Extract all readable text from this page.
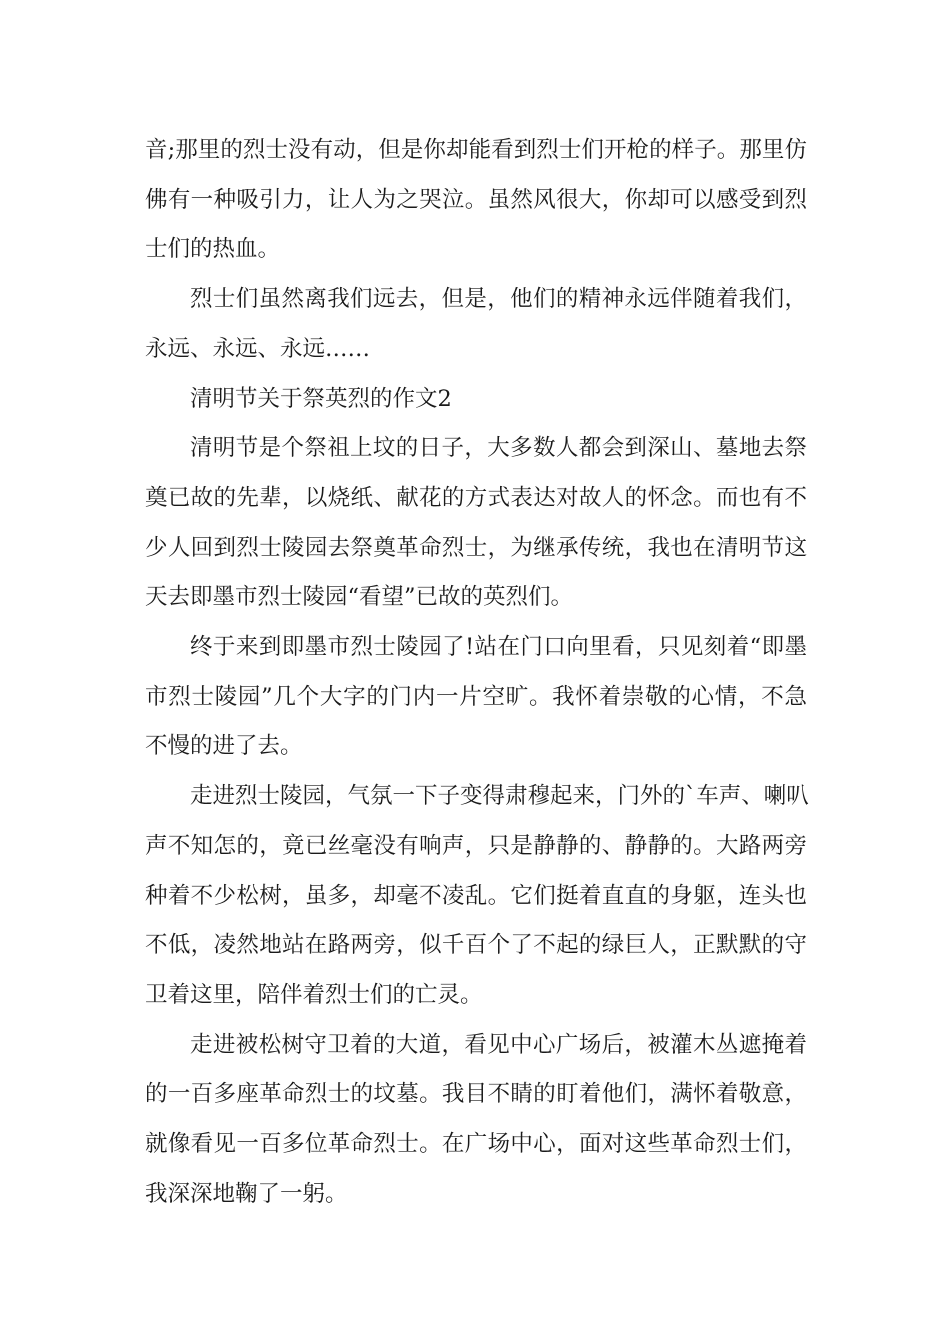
音;那里的烈士没有动，但是你却能看到烈士们开枪的样子。那里仿
佛有一种吸引力，让人为之哭泣。虽然风很大，你却可以感受到烈
士们的热血。

烈士们虽然离我们远去，但是，他们的精神永远伴随着我们，
永远、永远、永远……

清明节关于祭英烈的作文2

清明节是个祭祖上坟的日子，大多数人都会到深山、墓地去祭
奠已故的先辈，以烧纸、献花的方式表达对故人的怀念。而也有不
少人回到烈士陵园去祭奠革命烈士，为继承传统，我也在清明节这
天去即墨市烈士陵园“看望”已故的英烈们。

终于来到即墨市烈士陵园了!站在门口向里看，只见刻着“即墨
市烈士陵园”几个大字的门内一片空旷。我怀着崇敬的心情，不急
不慢的进了去。

走进烈士陵园，气氛一下子变得肃穆起来，门外的`车声、喇叭
声不知怎的，竟已丝毫没有响声，只是静静的、静静的。大路两旁
种着不少松树，虽多，却毫不凌乱。它们挺着直直的身躯，连头也
不低，凌然地站在路两旁，似千百个了不起的绿巨人，正默默的守
卫着这里，陪伴着烈士们的亡灵。

走进被松树守卫着的大道，看见中心广场后，被灌木丛遮掩着
的一百多座革命烈士的坟墓。我目不睛的盯着他们，满怀着敬意，
就像看见一百多位革命烈士。在广场中心，面对这些革命烈士们，
我深深地鞠了一躬。
